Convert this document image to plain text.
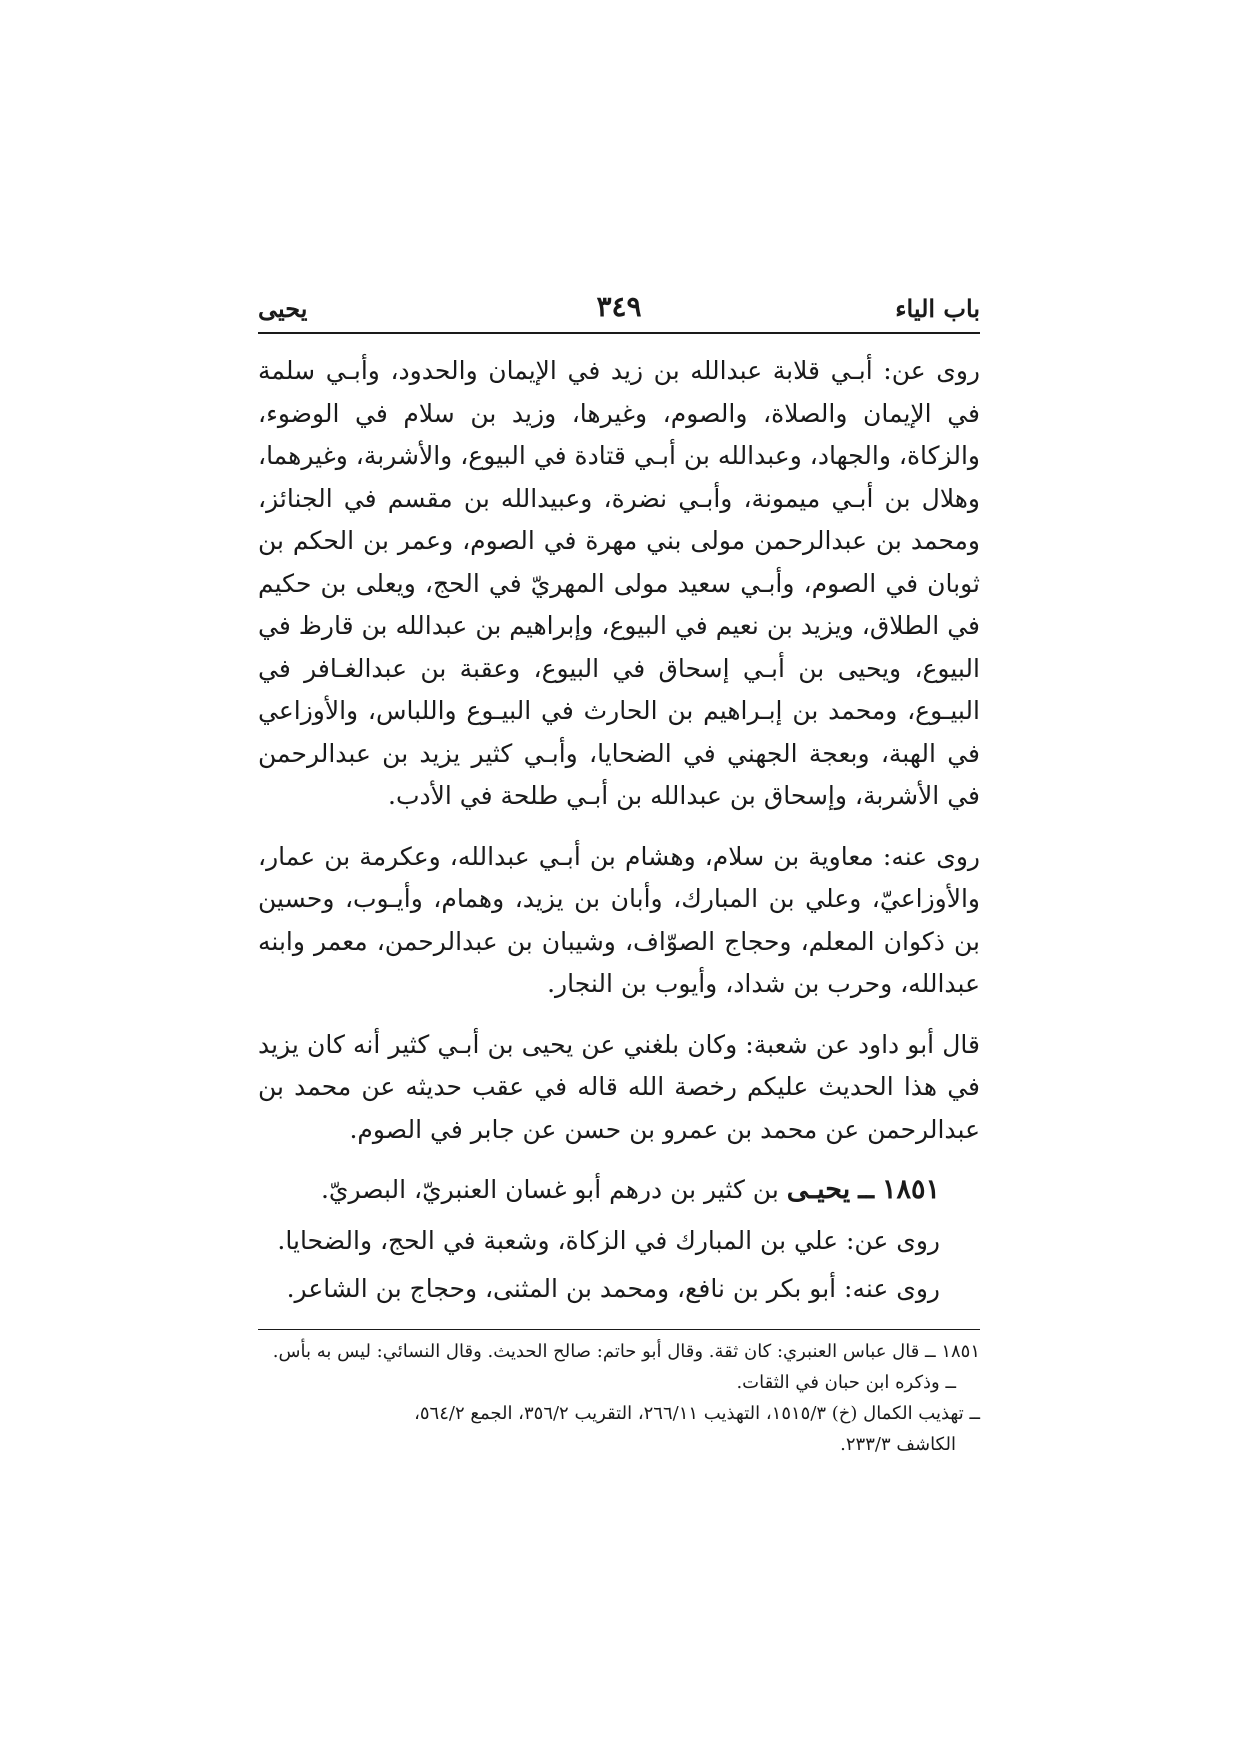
باب الياء
٣٤٩
يحيى

روى عن: أبـي قلابة عبدالله بن زيد في الإيمان والحدود، وأبـي سلمة في الإيمان والصلاة، والصوم، وغيرها، وزيد بن سلام في الوضوء، والزكاة، والجهاد، وعبدالله بن أبـي قتادة في البيوع، والأشربة، وغيرهما، وهلال بن أبـي ميمونة، وأبـي نضرة، وعبيدالله بن مقسم في الجنائز، ومحمد بن عبدالرحمن مولى بني مهرة في الصوم، وعمر بن الحكم بن ثوبان في الصوم، وأبـي سعيد مولى المهريّ في الحج، ويعلى بن حكيم في الطلاق، ويزيد بن نعيم في البيوع، وإبراهيم بن عبدالله بن قارظ في البيوع، ويحيى بن أبـي إسحاق في البيوع، وعقبة بن عبدالغـافر في البيـوع، ومحمد بن إبـراهيم بن الحارث في البيـوع واللباس، والأوزاعي في الهبة، وبعجة الجهني في الضحايا، وأبـي كثير يزيد بن عبدالرحمن في الأشربة، وإسحاق بن عبدالله بن أبـي طلحة في الأدب.

روى عنه: معاوية بن سلام، وهشام بن أبـي عبدالله، وعكرمة بن عمار، والأوزاعيّ، وعلي بن المبارك، وأبان بن يزيد، وهمام، وأيـوب، وحسين بن ذكوان المعلم، وحجاج الصوّاف، وشيبان بن عبدالرحمن، معمر وابنه عبدالله، وحرب بن شداد، وأيوب بن النجار.

قال أبو داود عن شعبة: وكان بلغني عن يحيى بن أبـي كثير أنه كان يزيد في هذا الحديث عليكم رخصة الله قاله في عقب حديثه عن محمد بن عبدالرحمن عن محمد بن عمرو بن حسن عن جابر في الصوم.

١٨٥١ ــ يحيـى بن كثير بن درهم أبو غسان العنبريّ، البصريّ.

روى عن: علي بن المبارك في الزكاة، وشعبة في الحج، والضحايا.

روى عنه: أبو بكر بن نافع، ومحمد بن المثنى، وحجاج بن الشاعر.

١٨٥١ ــ قال عباس العنبري: كان ثقة. وقال أبو حاتم: صالح الحديث. وقال النسائي: ليس به بأس.

ــ وذكره ابن حبان في الثقات.

ــ تهذيب الكمال (خ) ١٥١٥/٣، التهذيب ٢٦٦/١١، التقريب ٣٥٦/٢، الجمع ٥٦٤/٢،

الكاشف ٢٣٣/٣.
